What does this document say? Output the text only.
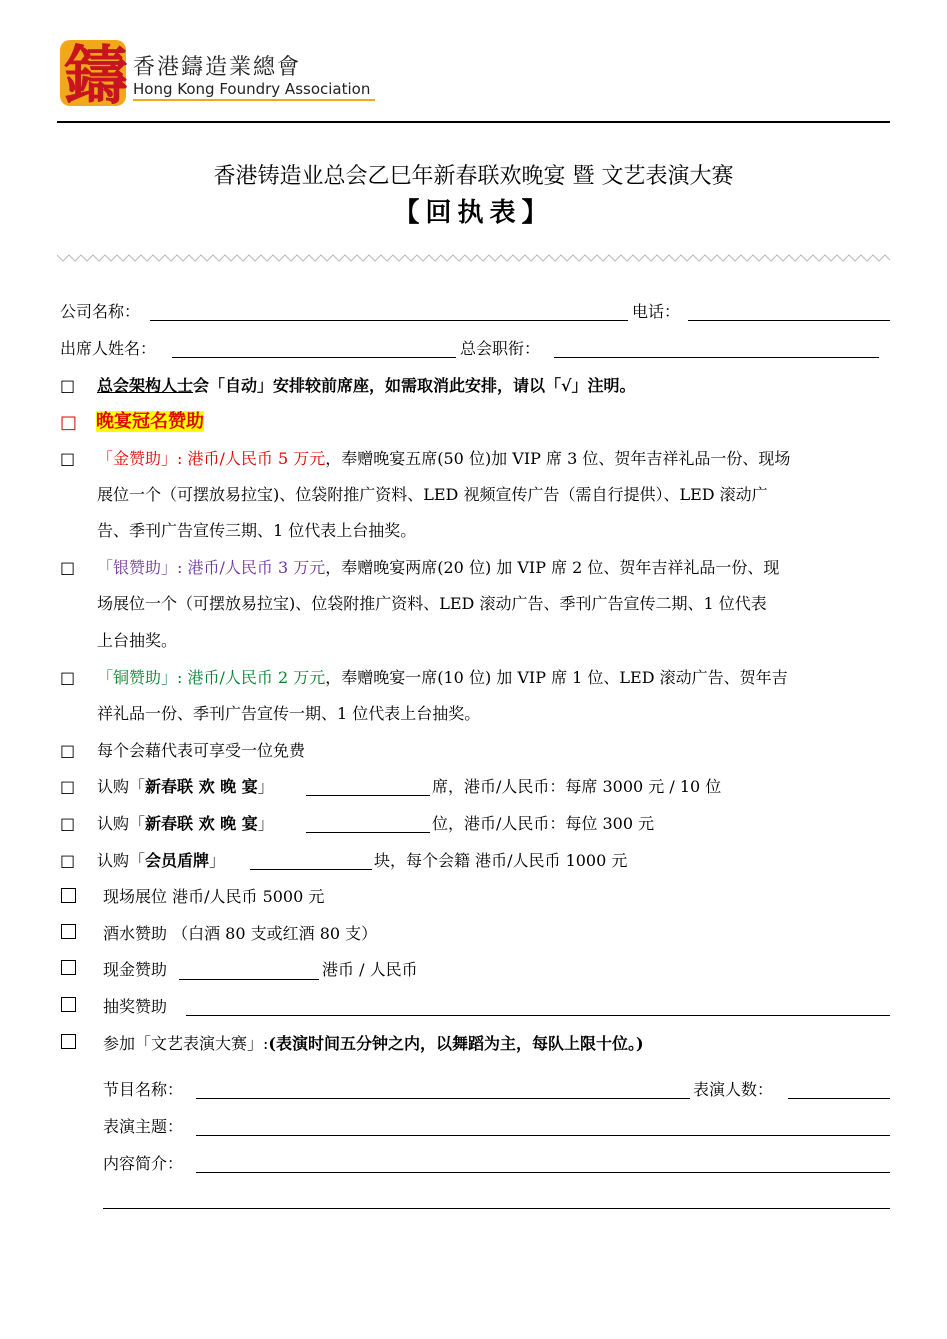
鑄 香港鑄造業總會
Hong Kong Foundry Association
香港铸造业总会乙巳年新春联欢晚宴 暨 文艺表演大赛
【回执表】
公司名称：	电话：
出席人姓名：	总会职衔：
□ 总会架构人士会「自动」安排较前席座，如需取消此安排，请以「√」注明。
□ 晚宴冠名赞助
□ 「金赞助」: 港币/人民币 5 万元，奉赠晚宴五席(50 位)加 VIP 席 3 位、贺年吉祥礼品一份、现场
展位一个（可摆放易拉宝)、位袋附推广资料、LED 视频宣传广告（需自行提供）、LED 滚动广
告、季刊广告宣传三期、1 位代表上台抽奖。
□ 「银赞助」: 港币/人民币 3 万元，奉赠晚宴两席(20 位) 加 VIP 席 2 位、贺年吉祥礼品一份、现
场展位一个（可摆放易拉宝)、位袋附推广资料、LED 滚动广告、季刊广告宣传二期、1 位代表
上台抽奖。
□ 「铜赞助」: 港币/人民币 2 万元，奉赠晚宴一席(10 位) 加 VIP 席 1 位、LED 滚动广告、贺年吉
祥礼品一份、季刊广告宣传一期、1 位代表上台抽奖。
□ 每个会藉代表可享受一位免费
□ 认购「新春联 欢 晚 宴」	席，港币/人民币：每席 3000 元 / 10 位
□ 认购「新春联 欢 晚 宴」	位，港币/人民币：每位 300 元
□ 认购「会员盾牌」	块，每个会籍 港币/人民币 1000 元
现场展位 港币/人民币 5000 元
酒水赞助 （白酒 80 支或红酒 80 支）
现金赞助	港币 / 人民币
抽奖赞助
参加「文艺表演大赛」:(表演时间五分钟之内，以舞蹈为主，每队上限十位。)
节目名称：	表演人数：
表演主题：
内容简介：
